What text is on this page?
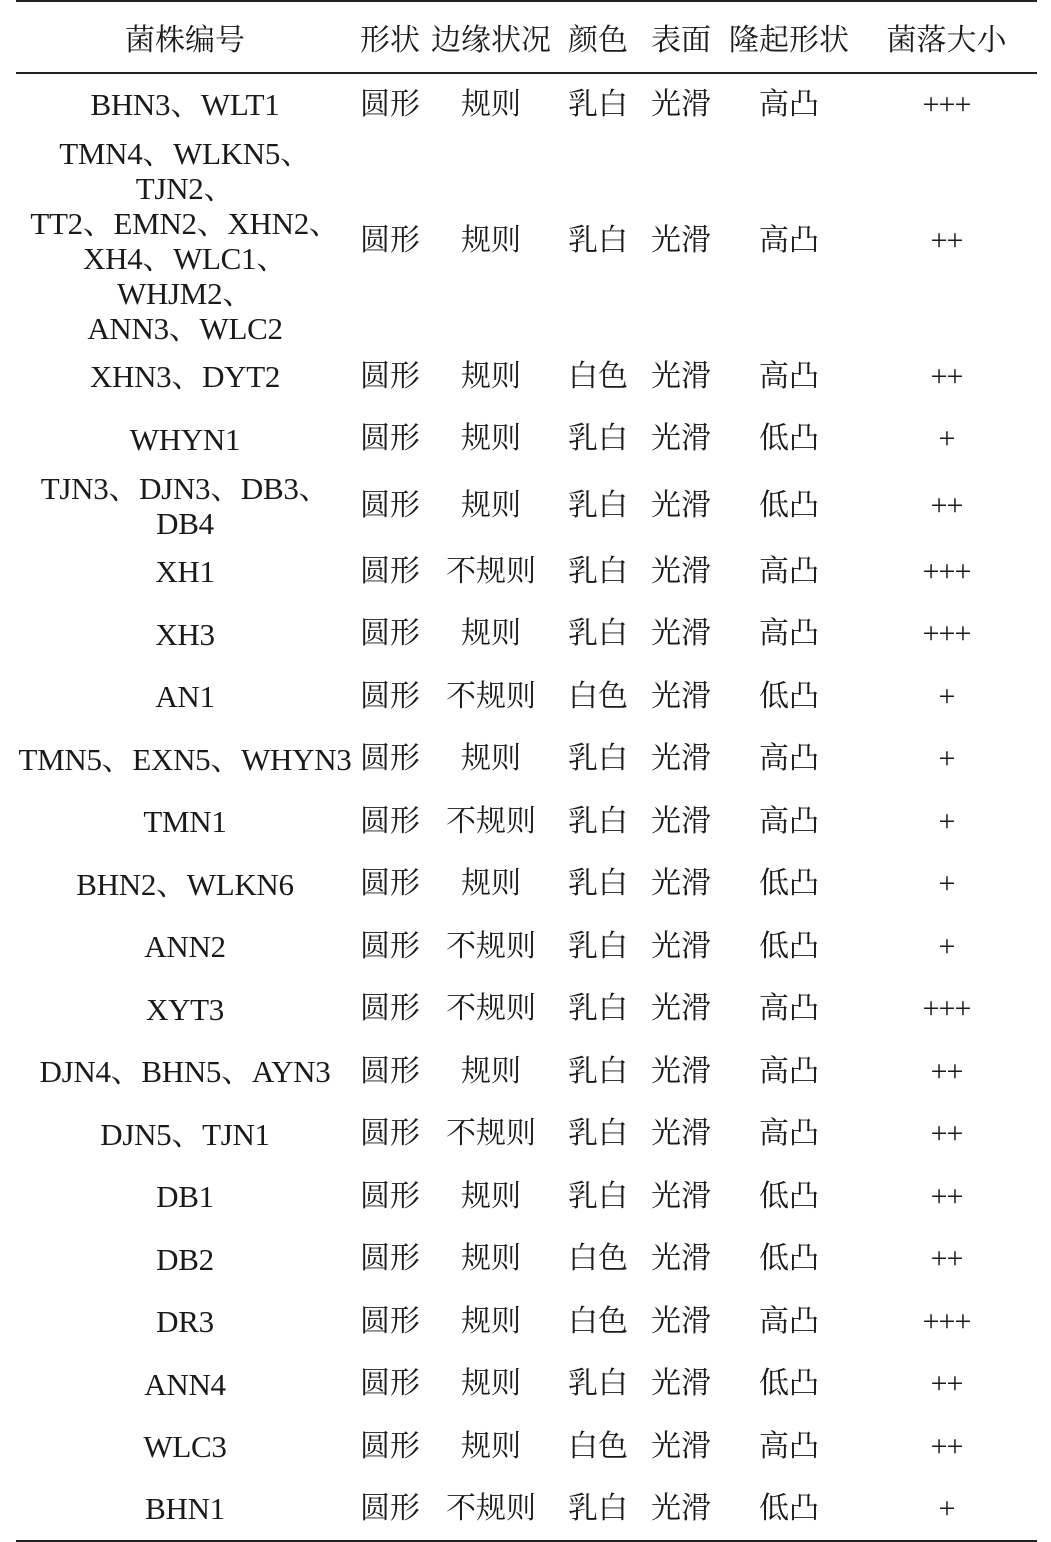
菌株编号	形状	边缘状况	颜色	表面	隆起形状	菌落大小
BHN3、WLT1	圆形	规则	乳白	光滑	高凸	+++
TMN4、WLKN5、TJN2、
TT2、EMN2、XHN2、
XH4、WLC1、WHJM2、
ANN3、WLC2	圆形	规则	乳白	光滑	高凸	++
XHN3、DYT2	圆形	规则	白色	光滑	高凸	++
WHYN1	圆形	规则	乳白	光滑	低凸	+
TJN3、DJN3、DB3、DB4	圆形	规则	乳白	光滑	低凸	++
XH1	圆形	不规则	乳白	光滑	高凸	+++
XH3	圆形	规则	乳白	光滑	高凸	+++
AN1	圆形	不规则	白色	光滑	低凸	+
TMN5、EXN5、WHYN3	圆形	规则	乳白	光滑	高凸	+
TMN1	圆形	不规则	乳白	光滑	高凸	+
BHN2、WLKN6	圆形	规则	乳白	光滑	低凸	+
ANN2	圆形	不规则	乳白	光滑	低凸	+
XYT3	圆形	不规则	乳白	光滑	高凸	+++
DJN4、BHN5、AYN3	圆形	规则	乳白	光滑	高凸	++
DJN5、TJN1	圆形	不规则	乳白	光滑	高凸	++
DB1	圆形	规则	乳白	光滑	低凸	++
DB2	圆形	规则	白色	光滑	低凸	++
DR3	圆形	规则	白色	光滑	高凸	+++
ANN4	圆形	规则	乳白	光滑	低凸	++
WLC3	圆形	规则	白色	光滑	高凸	++
BHN1	圆形	不规则	乳白	光滑	低凸	+
